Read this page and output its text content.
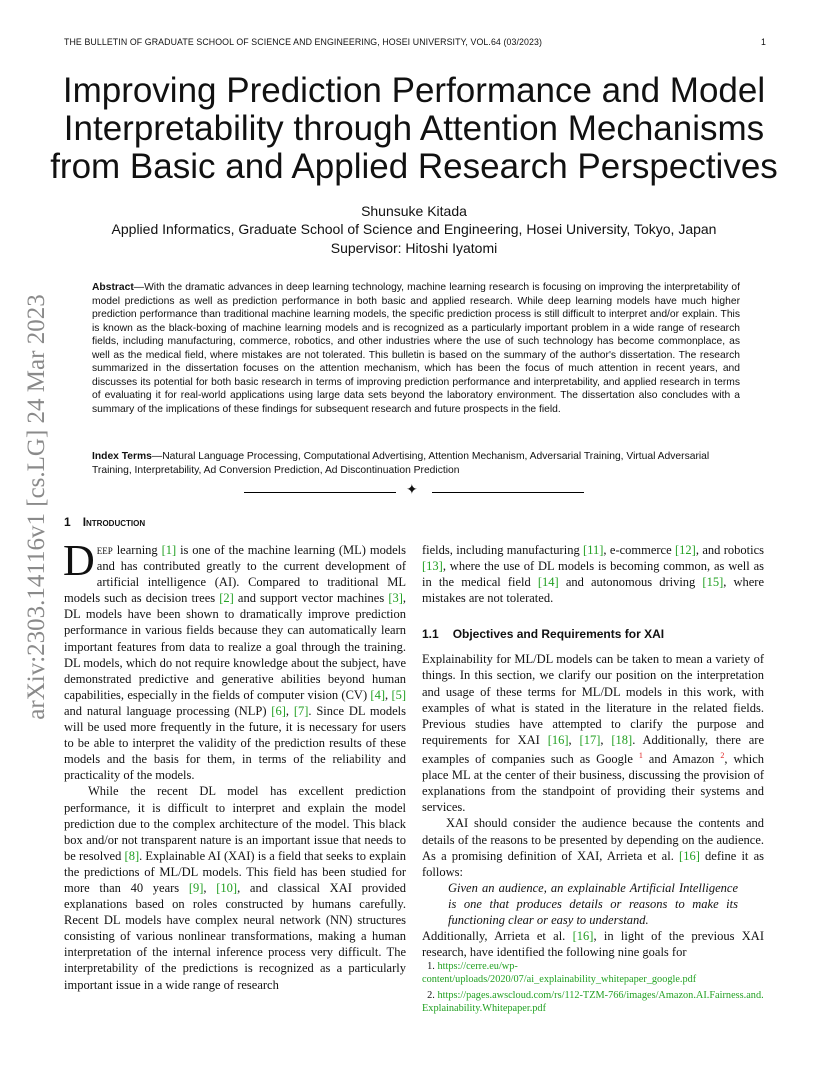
THE BULLETIN OF GRADUATE SCHOOL OF SCIENCE AND ENGINEERING, HOSEI UNIVERSITY, VOL.64 (03/2023)	1
Improving Prediction Performance and Model Interpretability through Attention Mechanisms from Basic and Applied Research Perspectives
Shunsuke Kitada
Applied Informatics, Graduate School of Science and Engineering, Hosei University, Tokyo, Japan
Supervisor: Hitoshi Iyatomi
Abstract—With the dramatic advances in deep learning technology, machine learning research is focusing on improving the interpretability of model predictions as well as prediction performance in both basic and applied research. While deep learning models have much higher prediction performance than traditional machine learning models, the specific prediction process is still difficult to interpret and/or explain. This is known as the black-boxing of machine learning models and is recognized as a particularly important problem in a wide range of research fields, including manufacturing, commerce, robotics, and other industries where the use of such technology has become commonplace, as well as the medical field, where mistakes are not tolerated. This bulletin is based on the summary of the author's dissertation. The research summarized in the dissertation focuses on the attention mechanism, which has been the focus of much attention in recent years, and discusses its potential for both basic research in terms of improving prediction performance and interpretability, and applied research in terms of evaluating it for real-world applications using large data sets beyond the laboratory environment. The dissertation also concludes with a summary of the implications of these findings for subsequent research and future prospects in the field.
Index Terms—Natural Language Processing, Computational Advertising, Attention Mechanism, Adversarial Training, Virtual Adversarial Training, Interpretability, Ad Conversion Prediction, Ad Discontinuation Prediction
✦
arXiv:2303.14116v1 [cs.LG] 24 Mar 2023 1 Introduction

Deep learning [1] is one of the machine learning (ML) models and has contributed greatly to the current development of artificial intelligence (AI). Compared to traditional ML models such as decision trees [2] and support vector machines [3], DL models have been shown to dramatically improve prediction performance in various fields because they can automatically learn important features from data to realize a goal through the training. DL models, which do not require knowledge about the subject, have demonstrated predictive and generative abilities beyond human capabilities, especially in the fields of computer vision (CV) [4], [5] and natural language processing (NLP) [6], [7]. Since DL models will be used more frequently in the future, it is necessary for users to be able to interpret the validity of the prediction results of these models and the basis for them, in terms of the reliability and practicality of the models.

While the recent DL model has excellent prediction performance, it is difficult to interpret and explain the model prediction due to the complex architecture of the model. This black box and/or not transparent nature is an important issue that needs to be resolved [8]. Explainable AI (XAI) is a field that seeks to explain the predictions of ML/DL models. This field has been studied for more than 40 years [9], [10], and classical XAI provided explanations based on roles constructed by humans carefully. Recent DL models have complex neural network (NN) structures consisting of various nonlinear transformations, making a human interpretation of the internal inference process very difficult. The interpretability of the predictions is recognized as a particularly important issue in a wide range of research

fields, including manufacturing [11], e-commerce [12], and robotics [13], where the use of DL models is becoming common, as well as in the medical field [14] and autonomous driving [15], where mistakes are not tolerated.

1.1 Objectives and Requirements for XAI

Explainability for ML/DL models can be taken to mean a variety of things. In this section, we clarify our position on the interpretation and usage of these terms for ML/DL models in this work, with examples of what is stated in the literature in the related fields. Previous studies have attempted to clarify the purpose and requirements for XAI [16], [17], [18]. Additionally, there are examples of companies such as Google $^1$ and Amazon $^2$, which place ML at the center of their business, discussing the provision of explanations from the standpoint of providing their systems and services.

XAI should consider the audience because the contents and details of the reasons to be presented by depending on the audience. As a promising definition of XAI, Arrieta et al. [16] define it as follows:

Given an audience, an explainable Artificial Intelligence is one that produces details or reasons to make its functioning clear or easy to understand.

Additionally, Arrieta et al. [16], in light of the previous XAI research, have identified the following nine goals for

1. https://cerre.eu/wp-content/uploads/2020/07/ai_explainability_whitepaper_google.pdf

2. https://pages.awscloud.com/rs/112-TZM-766/images/Amazon.AI.Fairness.and.Explainability.Whitepaper.pdf
